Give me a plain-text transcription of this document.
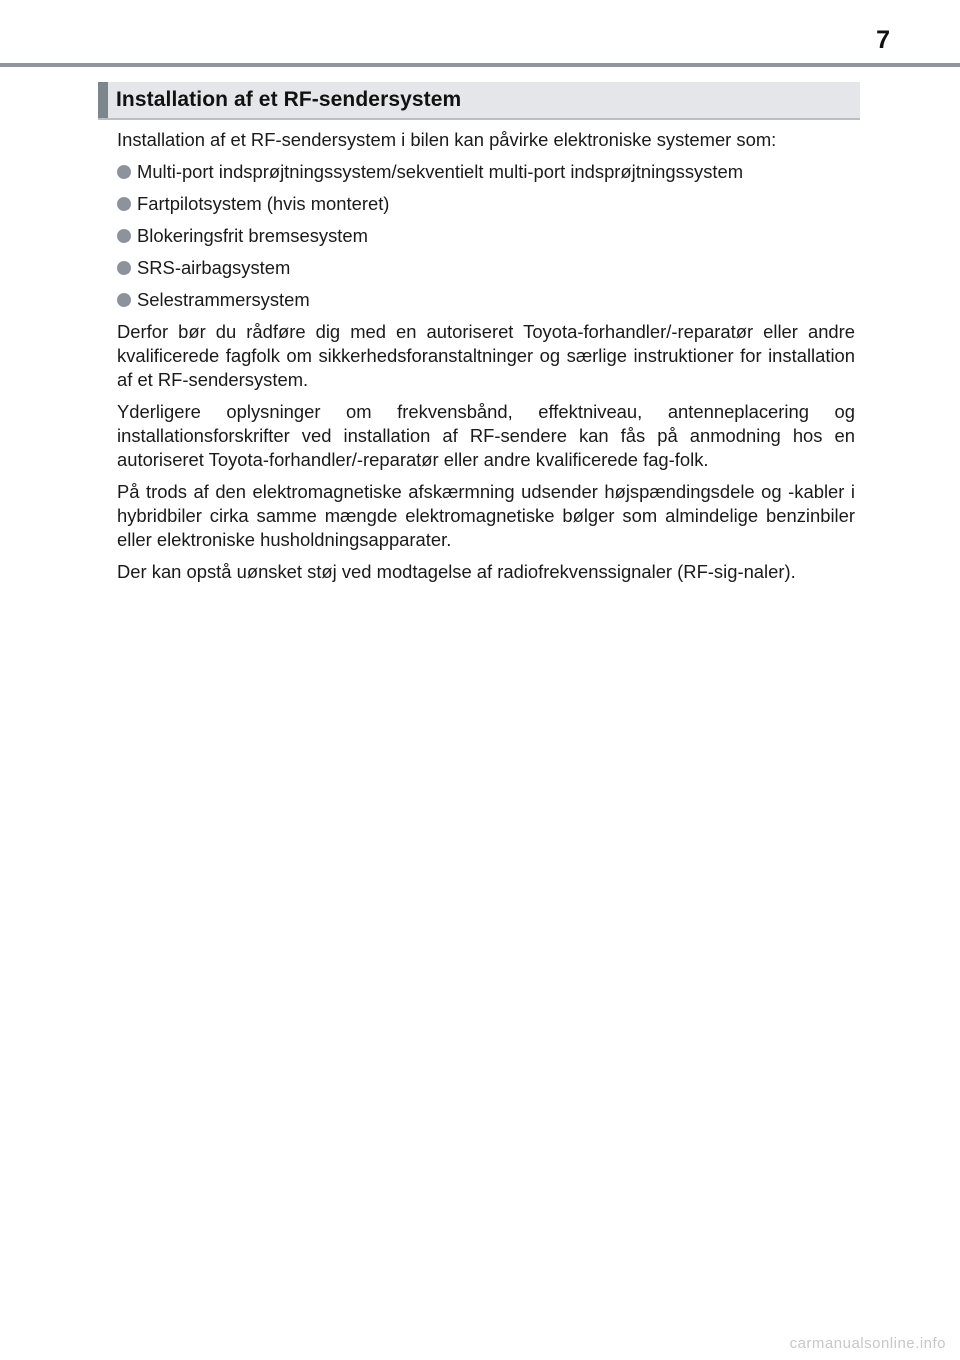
7
Installation af et RF-sendersystem

Installation af et RF-sendersystem i bilen kan påvirke elektroniske systemer som:

Multi-port indsprøjtningssystem/sekventielt multi-port indsprøjtningssystem
Fartpilotsystem (hvis monteret)
Blokeringsfrit bremsesystem
SRS-airbagsystem
Selestrammersystem

Derfor bør du rådføre dig med en autoriseret Toyota-forhandler/-reparatør eller andre kvalificerede fagfolk om sikkerhedsforanstaltninger og særlige instruktioner for installation af et RF-sendersystem.

Yderligere oplysninger om frekvensbånd, effektniveau, antenneplacering og installationsforskrifter ved installation af RF-sendere kan fås på anmodning hos en autoriseret Toyota-forhandler/-reparatør eller andre kvalificerede fag-folk.

På trods af den elektromagnetiske afskærmning udsender højspændingsdele og -kabler i hybridbiler cirka samme mængde elektromagnetiske bølger som almindelige benzinbiler eller elektroniske husholdningsapparater.

Der kan opstå uønsket støj ved modtagelse af radiofrekvenssignaler (RF-sig-naler).

carmanualsonline.info
